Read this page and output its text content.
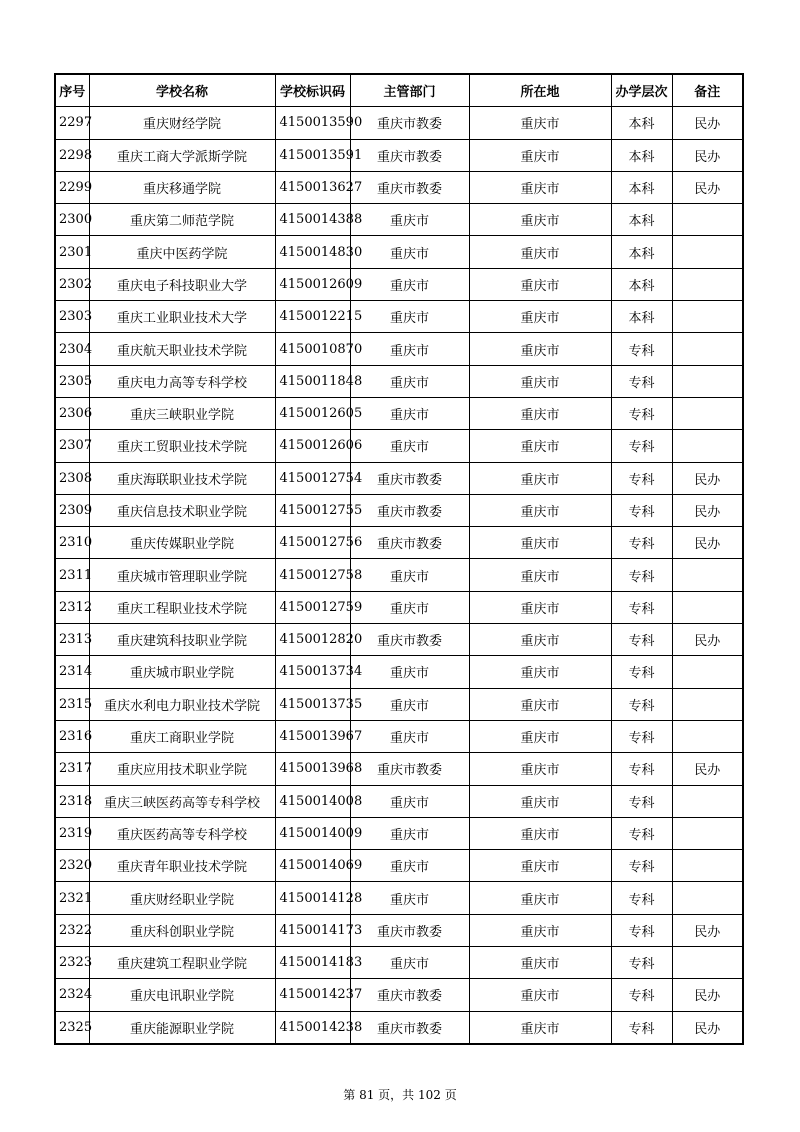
序号	学校名称	学校标识码	主管部门	所在地	办学层次	备注
2297	重庆财经学院	4150013590	重庆市教委	重庆市	本科	民办
2298	重庆工商大学派斯学院	4150013591	重庆市教委	重庆市	本科	民办
2299	重庆移通学院	4150013627	重庆市教委	重庆市	本科	民办
2300	重庆第二师范学院	4150014388	重庆市	重庆市	本科	
2301	重庆中医药学院	4150014830	重庆市	重庆市	本科	
2302	重庆电子科技职业大学	4150012609	重庆市	重庆市	本科	
2303	重庆工业职业技术大学	4150012215	重庆市	重庆市	本科	
2304	重庆航天职业技术学院	4150010870	重庆市	重庆市	专科	
2305	重庆电力高等专科学校	4150011848	重庆市	重庆市	专科	
2306	重庆三峡职业学院	4150012605	重庆市	重庆市	专科	
2307	重庆工贸职业技术学院	4150012606	重庆市	重庆市	专科	
2308	重庆海联职业技术学院	4150012754	重庆市教委	重庆市	专科	民办
2309	重庆信息技术职业学院	4150012755	重庆市教委	重庆市	专科	民办
2310	重庆传媒职业学院	4150012756	重庆市教委	重庆市	专科	民办
2311	重庆城市管理职业学院	4150012758	重庆市	重庆市	专科	
2312	重庆工程职业技术学院	4150012759	重庆市	重庆市	专科	
2313	重庆建筑科技职业学院	4150012820	重庆市教委	重庆市	专科	民办
2314	重庆城市职业学院	4150013734	重庆市	重庆市	专科	
2315	重庆水利电力职业技术学院	4150013735	重庆市	重庆市	专科	
2316	重庆工商职业学院	4150013967	重庆市	重庆市	专科	
2317	重庆应用技术职业学院	4150013968	重庆市教委	重庆市	专科	民办
2318	重庆三峡医药高等专科学校	4150014008	重庆市	重庆市	专科	
2319	重庆医药高等专科学校	4150014009	重庆市	重庆市	专科	
2320	重庆青年职业技术学院	4150014069	重庆市	重庆市	专科	
2321	重庆财经职业学院	4150014128	重庆市	重庆市	专科	
2322	重庆科创职业学院	4150014173	重庆市教委	重庆市	专科	民办
2323	重庆建筑工程职业学院	4150014183	重庆市	重庆市	专科	
2324	重庆电讯职业学院	4150014237	重庆市教委	重庆市	专科	民办
2325	重庆能源职业学院	4150014238	重庆市教委	重庆市	专科	民办
第 81 页，共 102 页
